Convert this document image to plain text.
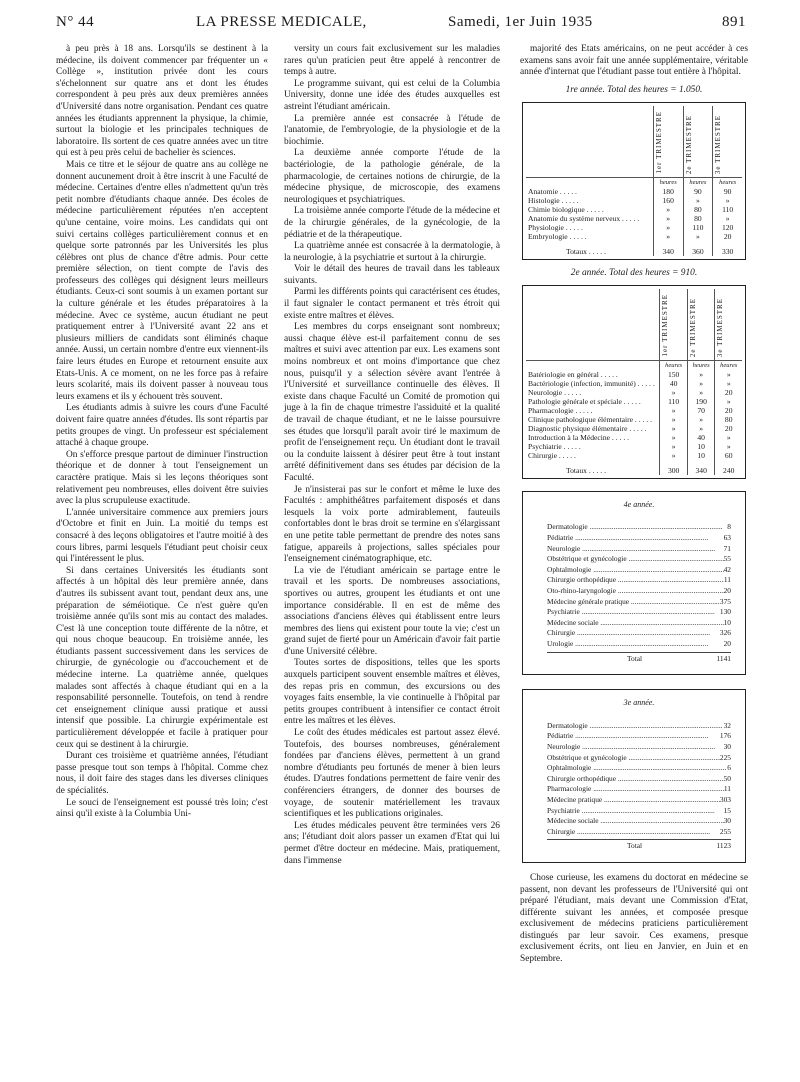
N° 44	LA PRESSE MEDICALE,	Samedi, 1er Juin 1935	891

à peu près à 18 ans. Lorsqu'ils se destinent à la médecine, ils doivent commencer par fréquenter un « Collège », institution privée dont les cours s'échelonnent sur quatre ans et dont les études correspondent à peu près aux deux premières années d'Université dans notre organisation. Pendant ces quatre années les étudiants apprennent la physique, la chimie, surtout la biologie et les principales techniques de laboratoire. Ils sortent de ces quatre années avec un titre qui est à peu près celui de bachelier ès sciences.

Mais ce titre et le séjour de quatre ans au collège ne donnent aucunement droit à être inscrit à une Faculté de médecine. Certaines d'entre elles n'admettent qu'un très petit nombre d'étudiants chaque année. Des écoles de médecine particulièrement réputées n'en acceptent qu'une centaine, voire moins. Les candidats qui ont suivi certains collèges particulièrement connus et en quelque sorte patronnés par les Universités les plus célèbres ont plus de chance d'être admis. Pour cette première sélection, on tient compte de l'avis des professeurs des collèges qui désignent leurs meilleurs étudiants. Ceux-ci sont soumis à un examen portant sur la culture générale et les études préparatoires à la médecine. Avec ce système, aucun étudiant ne peut pratiquement entrer à l'Université avant 22 ans et plusieurs milliers de candidats sont éliminés chaque année. Aussi, un certain nombre d'entre eux viennent-ils faire leurs études en Europe et retournent ensuite aux Etats-Unis. A ce moment, on ne les force pas à refaire leurs scolarité, mais ils doivent passer à nouveau tous leurs examens et ils y échouent très souvent.

Les étudiants admis à suivre les cours d'une Faculté doivent faire quatre années d'études. Ils sont répartis par petits groupes de vingt. Un professeur est spécialement attaché à chaque groupe.

On s'efforce presque partout de diminuer l'instruction théorique et de donner à tout l'enseignement un caractère pratique. Mais si les leçons théoriques sont relativement peu nombreuses, elles doivent être suivies avec la plus scrupuleuse exactitude.

L'année universitaire commence aux premiers jours d'Octobre et finit en Juin. La moitié du temps est consacré à des leçons obligatoires et l'autre moitié à des cours libres, parmi lesquels l'étudiant peut choisir ceux qui l'intéressent le plus.

Si dans certaines Universités les étudiants sont affectés à un hôpital dès leur première année, dans d'autres ils subissent avant tout, pendant deux ans, une préparation de séméiotique. Ce n'est guère qu'en troisième année qu'ils sont mis au contact des malades. C'est là une conception toute différente de la nôtre, et qui nous choque beaucoup. En troisième année, les étudiants passent successivement dans les services de chirurgie, de gynécologie ou d'accouchement et de médecine interne. La quatrième année, quelques malades sont affectés à chaque étudiant qui en a la responsabilité personnelle. Toutefois, on tend à rendre cet enseignement clinique aussi pratique et aussi intensif que possible. La chirurgie expérimentale est particulièrement développée et facile à pratiquer pour ceux qui se destinent à la chirurgie.

Durant ces troisième et quatrième années, l'étudiant passe presque tout son temps à l'hôpital. Comme chez nous, il doit faire des stages dans les diverses cliniques de spécialités.

Le souci de l'enseignement est poussé très loin; c'est ainsi qu'il existe à la Columbia Uni-

versity un cours fait exclusivement sur les maladies rares qu'un praticien peut être appelé à rencontrer de temps à autre.

Le programme suivant, qui est celui de la Columbia University, donne une idée des études auxquelles est astreint l'étudiant américain.

La première année est consacrée à l'étude de l'anatomie, de l'embryologie, de la physiologie et de la biochimie.

La deuxième année comporte l'étude de la bactériologie, de la pathologie générale, de la pharmacologie, de certaines notions de chirurgie, de la médecine physique, de microscopie, des examens neurologiques et psychiatriques.

La troisième année comporte l'étude de la médecine et de la chirurgie générales, de la gynécologie, de la pédiatrie et de la thérapeutique.

La quatrième année est consacrée à la dermatologie, à la neurologie, à la psychiatrie et surtout à la chirurgie.

Voir le détail des heures de travail dans les tableaux suivants.

Parmi les différents points qui caractérisent ces études, il faut signaler le contact permanent et très étroit qui existe entre maîtres et élèves.

Les membres du corps enseignant sont nombreux; aussi chaque élève est-il parfaitement connu de ses maîtres et suivi avec attention par eux. Les examens sont moins nombreux et ont moins d'importance que chez nous, puisqu'il y a sélection sévère avant l'entrée à l'Université et surveillance continuelle des élèves. Il existe dans chaque Faculté un Comité de promotion qui juge à la fin de chaque trimestre l'assiduité et la qualité de travail de chaque étudiant, et ne le laisse poursuivre ses études que lorsqu'il paraît avoir tiré le maximum de profit de l'enseignement reçu. Un étudiant dont le travail ou la conduite laissent à désirer peut être à tout instant arrêté définitivement dans ses études par décision de la Faculté.

Je n'insisterai pas sur le confort et même le luxe des Facultés : amphithéâtres parfaitement disposés et dans lesquels la voix porte admirablement, fauteuils confortables dont le bras droit se termine en s'élargissant en une petite table permettant de prendre des notes sans fatigue, appareils à projections, salles spéciales pour l'enseignement cinématographique, etc.

La vie de l'étudiant américain se partage entre le travail et les sports. De nombreuses associations, sportives ou autres, groupent les étudiants et ont une importance considérable. Il en est de même des associations d'anciens élèves qui établissent entre leurs membres des liens qui existent pour toute la vie; c'est un grand sujet de fierté pour un Américain d'avoir fait partie d'une Université célèbre.

Toutes sortes de dispositions, telles que les sports auxquels participent souvent ensemble maîtres et élèves, des repas pris en commun, des excursions ou des voyages faits ensemble, la vie continuelle à l'hôpital par petits groupes contribuent à intensifier ce contact étroit entre les maîtres et les élèves.

Le coût des études médicales est partout assez élevé. Toutefois, des bourses nombreuses, généralement fondées par d'anciens élèves, permettent à un grand nombre d'étudiants peu fortunés de mener à bien leurs études. D'autres fondations permettent de faire venir des conférenciers étrangers, de donner des bourses de voyage, de soutenir matériellement les travaux scientifiques et les publications originales.

Les études médicales peuvent être terminées vers 26 ans; l'étudiant doit alors passer un examen d'Etat qui lui permet d'être docteur en médecine. Mais, pratiquement, dans l'immense

majorité des Etats américains, on ne peut accéder à ces examens sans avoir fait une année supplémentaire, véritable année d'internat que l'étudiant passe tout entière à l'hôpital.

1re année. Total des heures = 1.050.
	1er TRIMESTRE	2e TRIMESTRE	3e TRIMESTRE
	heures	heures	heures
Anatomie . . . . .	180	90	90
Histologie . . . . .	160	»	»
Chimie biologique . . . . .	»	80	110
Anatomie du système nerveux . . . . .	»	80	»
Physiologie . . . . .	»	110	120
Embryologie . . . . .	»	»	20
Totaux . . . . .	340	360	330
2e année. Total des heures = 910.
	1er TRIMESTRE	2e TRIMESTRE	3e TRIMESTRE
	heures	heures	heures
Batériologie en général . . . . .	150	»	»
Bactériologie (infection, immunité) . . . . .	40	»	»
Neurologie . . . . .	»	»	20
Pathologie générale et spéciale . . . . .	110	190	»
Pharmacologie . . . . .	»	70	20
Clinique pathologique élémentaire . . . . .	»	»	80
Diagnostic physique élémentaire . . . . .	»	»	20
Introduction à la Médecine . . . . .	»	40	»
Psychiatrie . . . . .	»	10	»
Chirurgie . . . . .	»	10	60
Totaux . . . . .	300	340	240
4e année.
Dermatologie .....	8
Pédiatrie .....	63
Neurologie .....	71
Obstétrique et gynécologie .....	55
Ophtalmologie .....	42
Chirurgie orthopédique .....	11
Oto-rhino-laryngologie .....	20
Médecine générale pratique .....	375
Psychiatrie .....	130
Médecine sociale .....	10
Chirurgie .....	326
Urologie .....	20
Total	1141
3e année.
Dermatologie .....	32
Pédiatrie .....	176
Neurologie .....	30
Obstétrique et gynécologie .....	225
Ophtalmologie .....	6
Chirurgie orthopédique .....	50
Pharmacologie .....	11
Médecine pratique .....	303
Psychiatrie .....	15
Médecine sociale .....	30
Chirurgie .....	255
Total	1123

Chose curieuse, les examens du doctorat en médecine se passent, non devant les professeurs de l'Université qui ont préparé l'étudiant, mais devant une Commission d'Etat, différente suivant les années, et composée presque exclusivement de médecins praticiens particulièrement distingués par leur savoir. Ces examens, presque exclusivement écrits, ont lieu en Janvier, en Juin et en Septembre.
